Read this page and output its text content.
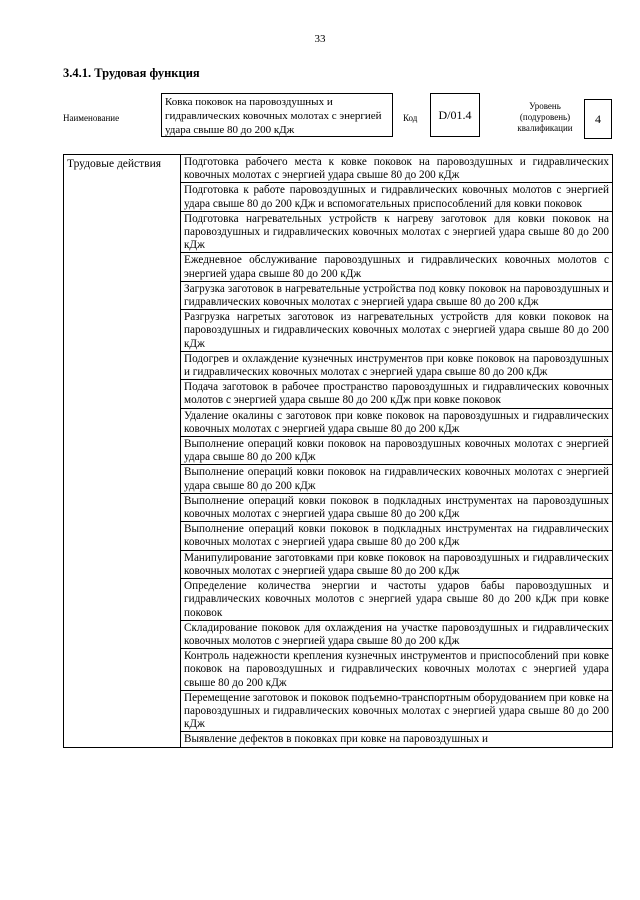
33
3.4.1. Трудовая функция
Наименование
Ковка поковок на паровоздушных и гидравлических ковочных молотах с энергией удара свыше 80 до 200 кДж
Код	D/01.4
Уровень (подуровень) квалификации
4
Трудовые действия	Подготовка рабочего места к ковке поковок на паровоздушных и гидравлических ковочных молотах с энергией удара свыше 80 до 200 кДж
Подготовка к работе паровоздушных и гидравлических ковочных молотов с энергией удара свыше 80 до 200 кДж и вспомогательных приспособлений для ковки поковок
Подготовка нагревательных устройств к нагреву заготовок для ковки поковок на паровоздушных и гидравлических ковочных молотах с энергией удара свыше 80 до 200 кДж
Ежедневное обслуживание паровоздушных и гидравлических ковочных молотов с энергией удара свыше 80 до 200 кДж
Загрузка заготовок в нагревательные устройства под ковку поковок на паровоздушных и гидравлических ковочных молотах с энергией удара свыше 80 до 200 кДж
Разгрузка нагретых заготовок из нагревательных устройств для ковки поковок на паровоздушных и гидравлических ковочных молотах с энергией удара свыше 80 до 200 кДж
Подогрев и охлаждение кузнечных инструментов при ковке поковок на паровоздушных и гидравлических ковочных молотах с энергией удара свыше 80 до 200 кДж
Подача заготовок в рабочее пространство паровоздушных и гидравлических ковочных молотов с энергией удара свыше 80 до 200 кДж при ковке поковок
Удаление окалины с заготовок при ковке поковок на паровоздушных и гидравлических ковочных молотах с энергией удара свыше 80 до 200 кДж
Выполнение операций ковки поковок на паровоздушных ковочных молотах с энергией удара свыше 80 до 200 кДж
Выполнение операций ковки поковок на гидравлических ковочных молотах с энергией удара свыше 80 до 200 кДж
Выполнение операций ковки поковок в подкладных инструментах на паровоздушных ковочных молотах с энергией удара свыше 80 до 200 кДж
Выполнение операций ковки поковок в подкладных инструментах на гидравлических ковочных молотах с энергией удара свыше 80 до 200 кДж
Манипулирование заготовками при ковке поковок на паровоздушных и гидравлических ковочных молотах с энергией удара свыше 80 до 200 кДж
Определение количества энергии и частоты ударов бабы паровоздушных и гидравлических ковочных молотов с энергией удара свыше 80 до 200 кДж при ковке поковок
Складирование поковок для охлаждения на участке паровоздушных и гидравлических ковочных молотов с энергией удара свыше 80 до 200 кДж
Контроль надежности крепления кузнечных инструментов и приспособлений при ковке поковок на паровоздушных и гидравлических ковочных молотах с энергией удара свыше 80 до 200 кДж
Перемещение заготовок и поковок подъемно-транспортным оборудованием при ковке на паровоздушных и гидравлических ковочных молотах с энергией удара свыше 80 до 200 кДж
Выявление дефектов в поковках при ковке на паровоздушных и
